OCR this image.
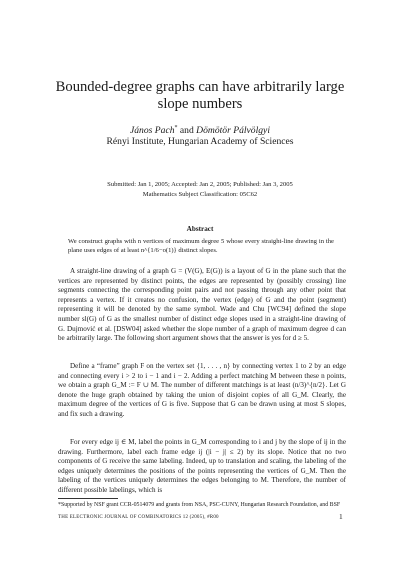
Bounded-degree graphs can have arbitrarily large
slope numbers
János Pach* and Dömötör Pálvölgyi
Rényi Institute, Hungarian Academy of Sciences
Submitted: Jan 1, 2005; Accepted: Jan 2, 2005; Published: Jan 3, 2005
Mathematics Subject Classification: 05C62
Abstract
We construct graphs with n vertices of maximum degree 5 whose every straight-line drawing in the plane uses edges of at least n^{1/6−o(1)} distinct slopes.

A straight-line drawing of a graph G = (V(G), E(G)) is a layout of G in the plane such that the vertices are represented by distinct points, the edges are represented by (possibly crossing) line segments connecting the corresponding point pairs and not passing through any other point that represents a vertex. If it creates no confusion, the vertex (edge) of G and the point (segment) representing it will be denoted by the same symbol. Wade and Chu [WC94] defined the slope number sl(G) of G as the smallest number of distinct edge slopes used in a straight-line drawing of G. Dujmović et al. [DSW04] asked whether the slope number of a graph of maximum degree d can be arbitrarily large. The following short argument shows that the answer is yes for d ≥ 5.

Define a “frame” graph F on the vertex set {1, . . . , n} by connecting vertex 1 to 2 by an edge and connecting every i > 2 to i − 1 and i − 2. Adding a perfect matching M between these n points, we obtain a graph G_M := F ∪ M. The number of different matchings is at least (n/3)^{n/2}. Let G denote the huge graph obtained by taking the union of disjoint copies of all G_M. Clearly, the maximum degree of the vertices of G is five. Suppose that G can be drawn using at most S slopes, and fix such a drawing.

For every edge ij ∈ M, label the points in G_M corresponding to i and j by the slope of ij in the drawing. Furthermore, label each frame edge ij (|i − j| ≤ 2) by its slope. Notice that no two components of G receive the same labeling. Indeed, up to translation and scaling, the labeling of the edges uniquely determines the positions of the points representing the vertices of G_M. Then the labeling of the vertices uniquely determines the edges belonging to M. Therefore, the number of different possible labelings, which is

*Supported by NSF grant CCR-0514079 and grants from NSA, PSC-CUNY, Hungarian Research Foundation, and BSF
THE ELECTRONIC JOURNAL OF COMBINATORICS 12 (2005), #R00	1
